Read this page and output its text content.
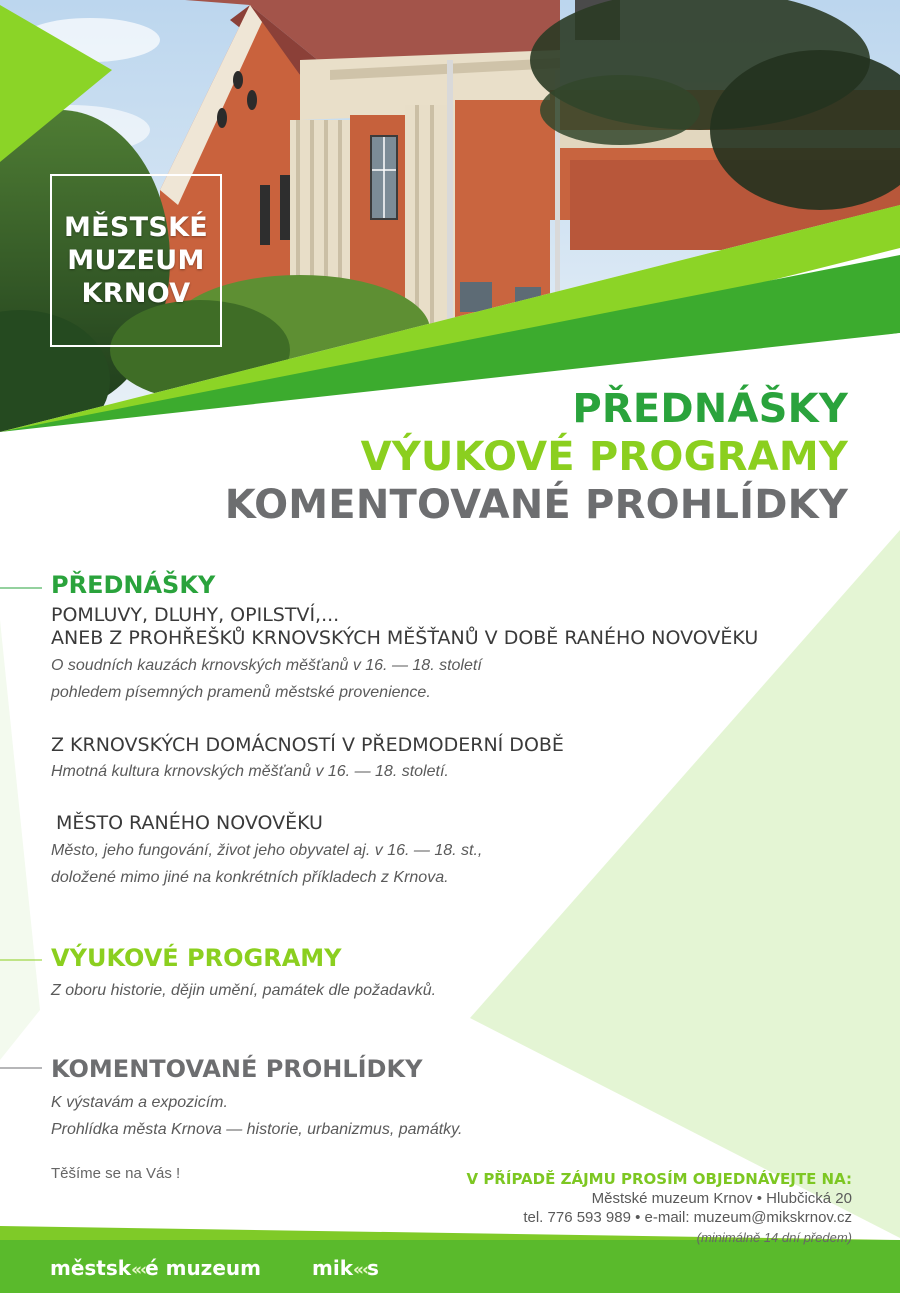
MĚSTSKÉ
MUZEUM
KRNOV
PŘEDNÁŠKY
VÝUKOVÉ PROGRAMY
KOMENTOVANÉ PROHLÍDKY
PŘEDNÁŠKY
POMLUVY, DLUHY, OPILSTVÍ,...
ANEB Z PROHŘEŠKŮ KRNOVSKÝCH MĚŠŤANŮ V DOBĚ RANÉHO NOVOVĚKU
O soudních kauzách krnovských měšťanů v 16. — 18. století
pohledem písemných pramenů městské provenience.
Z KRNOVSKÝCH DOMÁCNOSTÍ V PŘEDMODERNÍ DOBĚ
Hmotná kultura krnovských měšťanů v 16. — 18. století.
MĚSTO RANÉHO NOVOVĚKU
Město, jeho fungování, život jeho obyvatel aj. v 16. — 18. st.,
doložené mimo jiné na konkrétních příkladech z Krnova.
VÝUKOVÉ PROGRAMY
Z oboru historie, dějin umění, památek dle požadavků.
KOMENTOVANÉ PROHLÍDKY
K výstavám a expozicím.
Prohlídka města Krnova — historie, urbanizmus, památky.
Těšíme se na Vás !	V PŘÍPADĚ ZÁJMU PROSÍM OBJEDNÁVEJTE NA:
Městské muzeum Krnov • Hlubčická 20
tel. 776 593 989 • e-mail: muzeum@mikskrnov.cz
(minimálně 14 dní předem)
městsk«‹é muzeum	mik«‹s
